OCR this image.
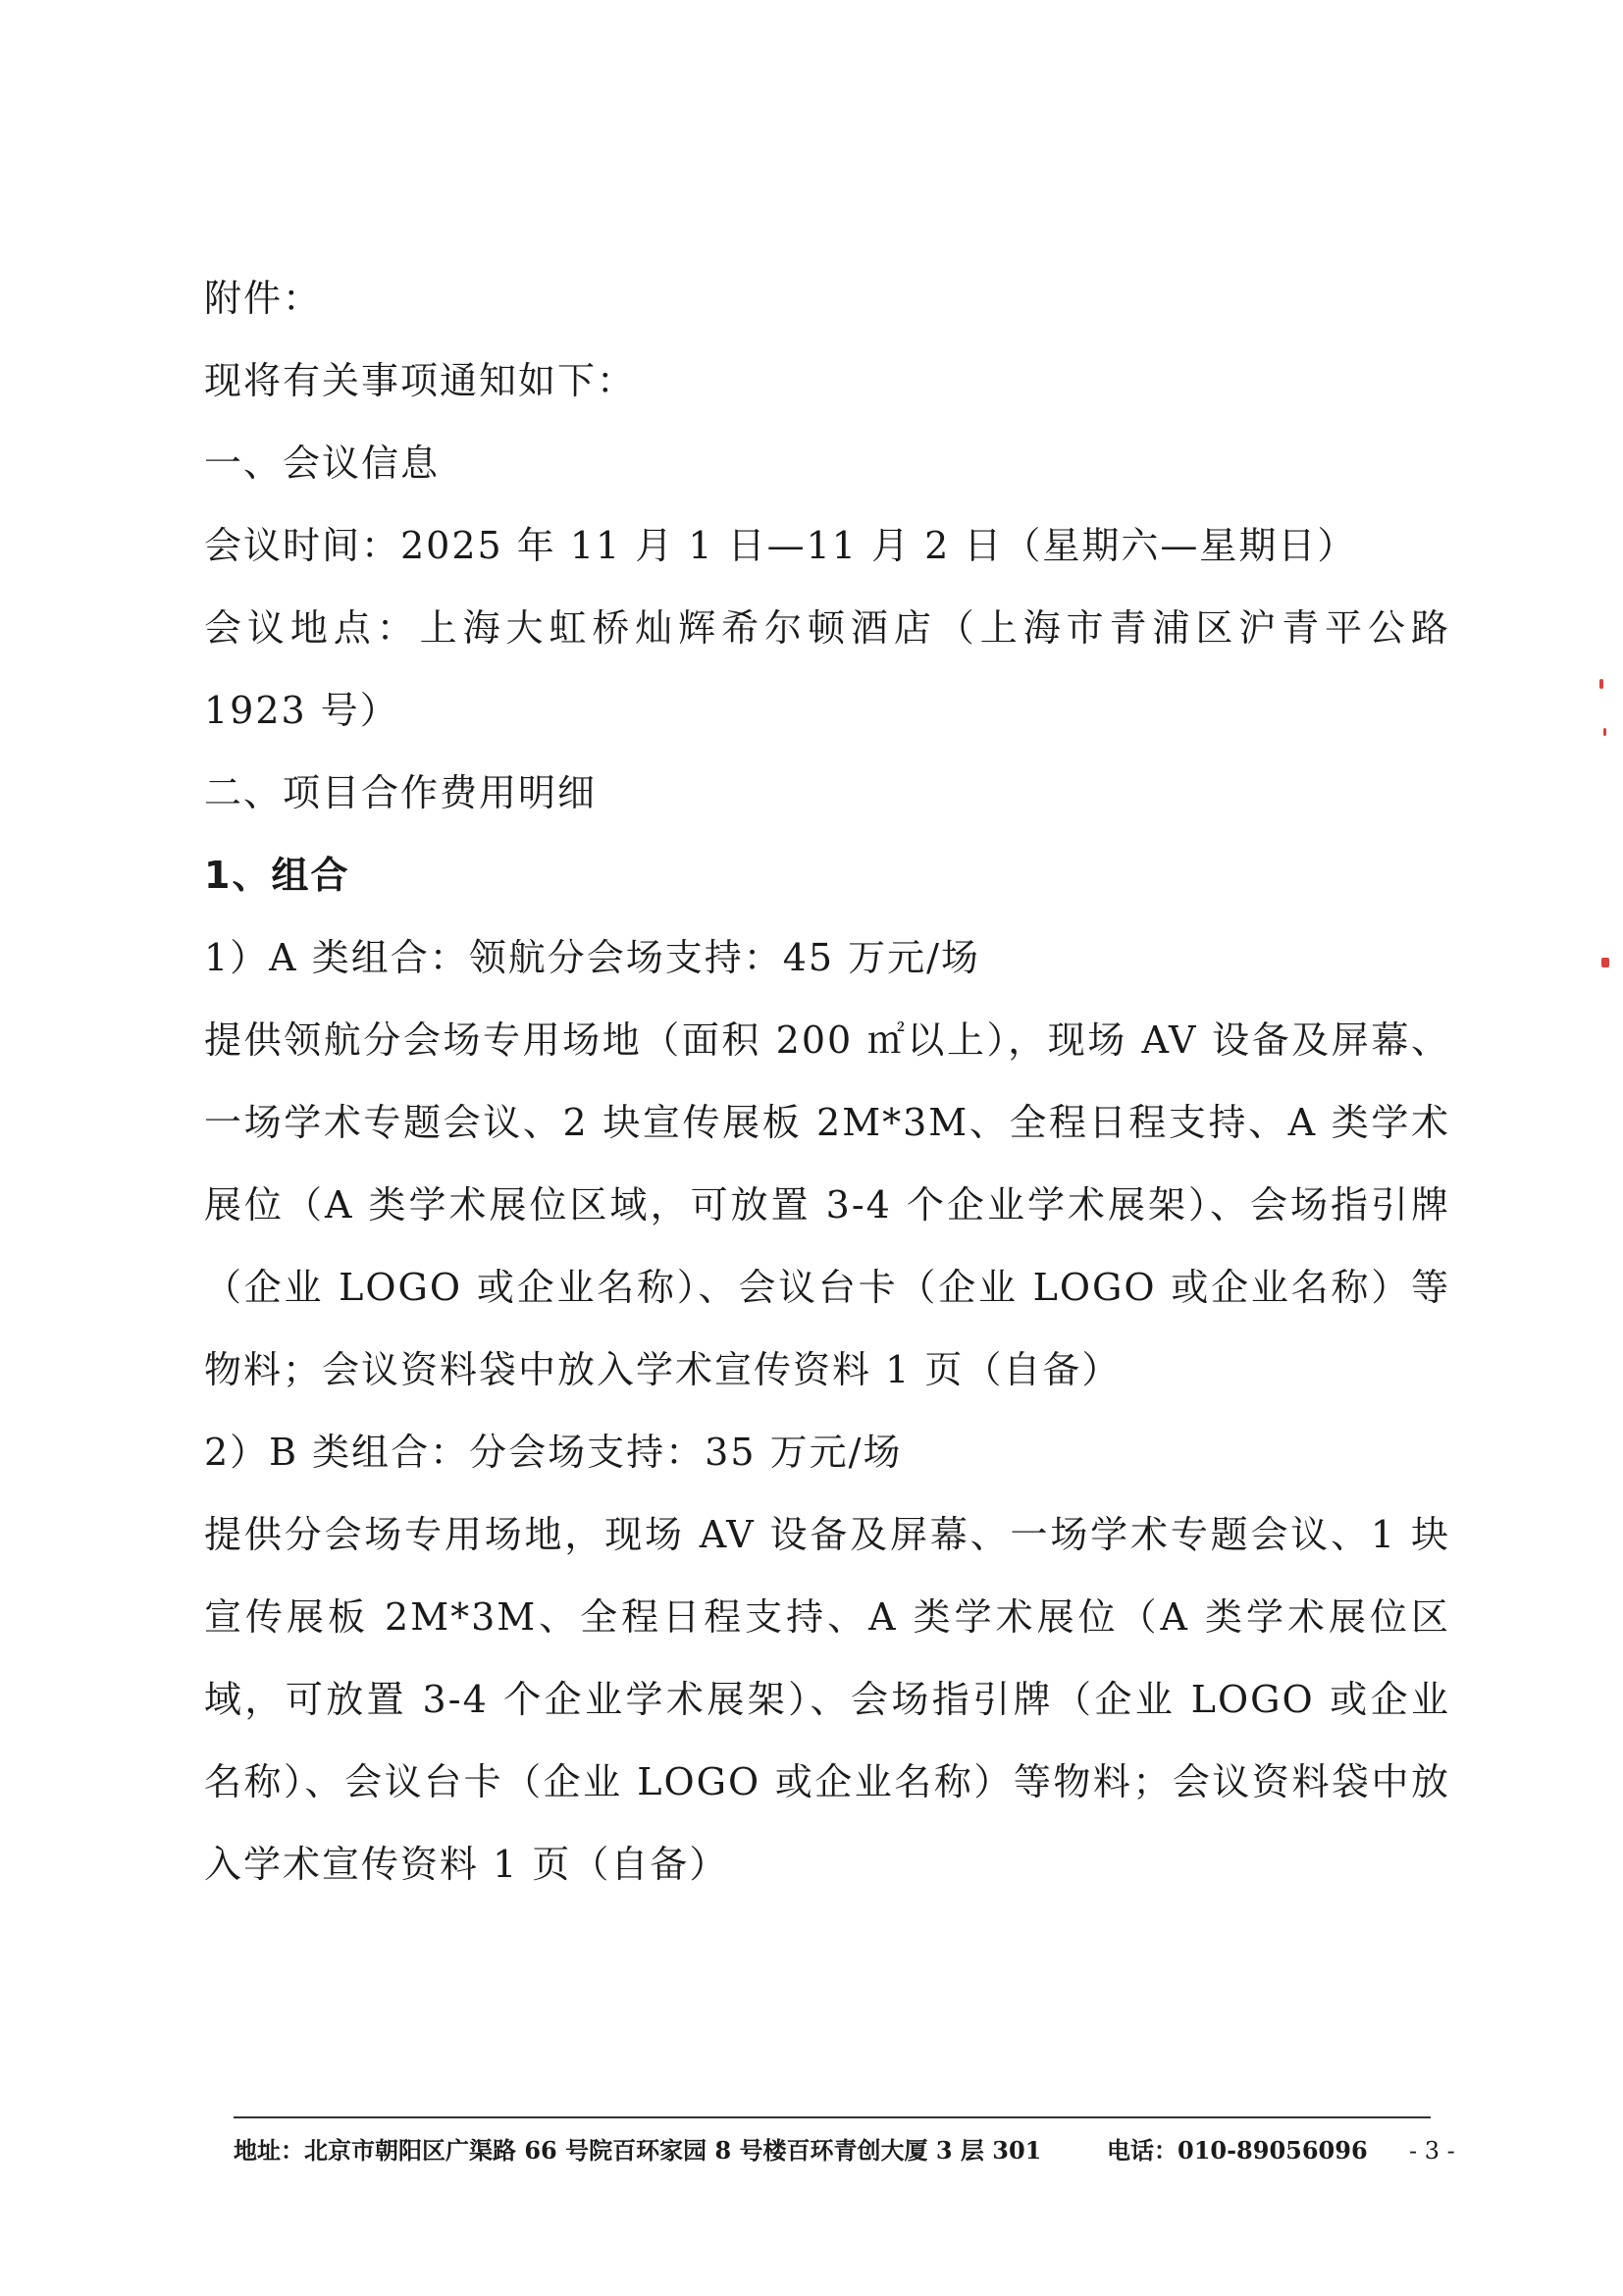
附件：
现将有关事项通知如下：
一、会议信息
会议时间：2025 年 11 月 1 日—11 月 2 日（星期六—星期日）
会议地点：上海大虹桥灿辉希尔顿酒店（上海市青浦区沪青平公路 1923 号）
二、项目合作费用明细
1、组合
1）A 类组合：领航分会场支持：45 万元/场
提供领航分会场专用场地（面积 200 ㎡以上），现场 AV 设备及屏幕、一场学术专题会议、2 块宣传展板 2M*3M、全程日程支持、A 类学术展位（A 类学术展位区域，可放置 3-4 个企业学术展架）、会场指引牌（企业 LOGO 或企业名称）、会议台卡（企业 LOGO 或企业名称）等物料；会议资料袋中放入学术宣传资料 1 页（自备）
2）B 类组合：分会场支持：35 万元/场
提供分会场专用场地，现场 AV 设备及屏幕、一场学术专题会议、1 块宣传展板 2M*3M、全程日程支持、A 类学术展位（A 类学术展位区域，可放置 3-4 个企业学术展架）、会场指引牌（企业 LOGO 或企业名称）、会议台卡（企业 LOGO 或企业名称）等物料；会议资料袋中放入学术宣传资料 1 页（自备）
地址：北京市朝阳区广渠路 66 号院百环家园 8 号楼百环青创大厦 3 层 301	电话：010-89056096 - 3 -
